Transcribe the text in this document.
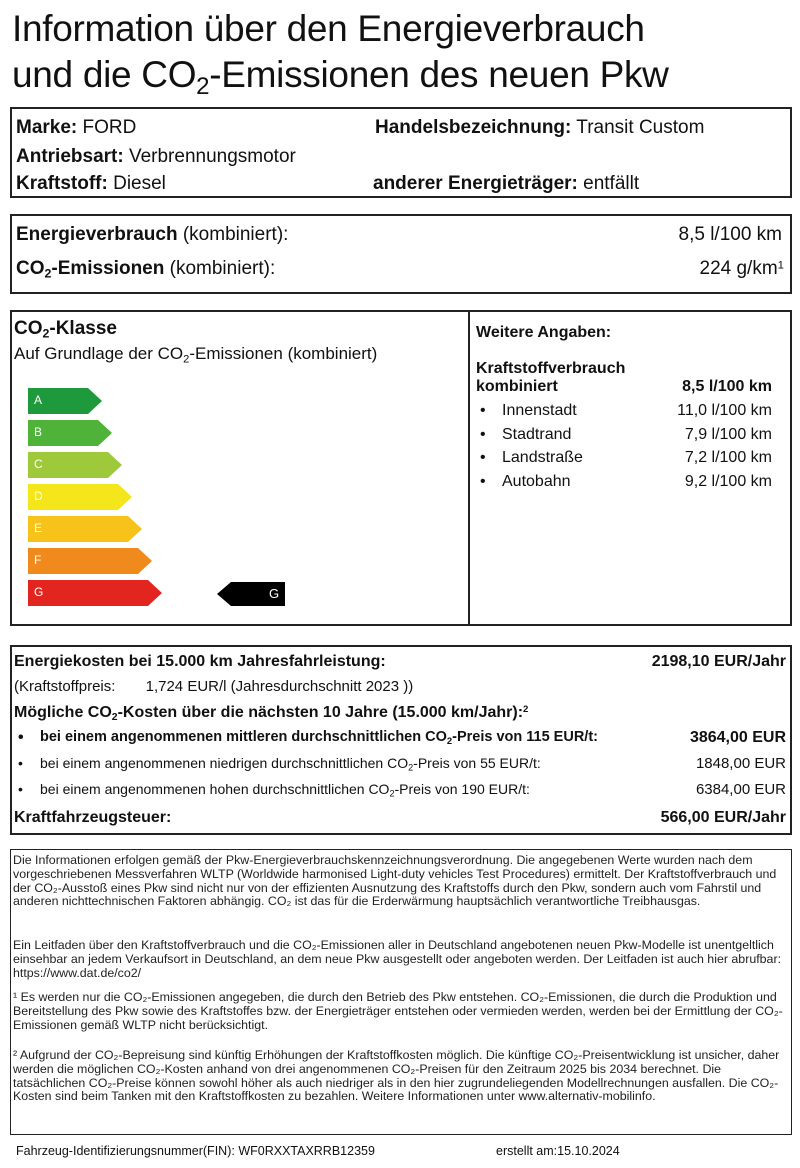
Information über den Energieverbrauch
und die $CO_2$-Emissionen des neuen Pkw
Marke: FORD	Handelsbezeichnung: Transit Custom
Antriebsart: Verbrennungsmotor
Kraftstoff: Diesel	anderer Energieträger: entfällt
Energieverbrauch (kombiniert):	8,5 l/100 km
$CO_2$-Emissionen (kombiniert):	224 $g/km^1$
$CO_2$-Klasse
Auf Grundlage der $CO_2$-Emissionen (kombiniert)
A
B
C
D
E
F
G	G
Weitere Angaben:
Kraftstoffverbrauch
kombiniert	8,5 l/100 km
• Innenstadt	11,0 l/100 km
• Stadtrand	7,9 l/100 km
• Landstraße	7,2 l/100 km
• Autobahn	9,2 l/100 km
Energiekosten bei 15.000 km Jahresfahrleistung:	2198,10 EUR/Jahr
(Kraftstoffpreis: 1,724 EUR/l (Jahresdurchschnitt 2023 ))
Mögliche $CO_2$-Kosten über die nächsten 10 Jahre (15.000 km/Jahr):$^2$
• bei einem angenommenen mittleren durchschnittlichen $CO_2$-Preis von 115 EUR/t:	3864,00 EUR
• bei einem angenommenen niedrigen durchschnittlichen $CO_2$-Preis von 55 EUR/t:	1848,00 EUR
• bei einem angenommenen hohen durchschnittlichen $CO_2$-Preis von 190 EUR/t:	6384,00 EUR
Kraftfahrzeugsteuer:	566,00 EUR/Jahr
Die Informationen erfolgen gemäß der Pkw-Energieverbrauchskennzeichnungsverordnung. Die angegebenen Werte wurden nach dem vorgeschriebenen Messverfahren WLTP (Worldwide harmonised Light-duty vehicles Test Procedures) ermittelt. Der Kraftstoffverbrauch und der CO₂-Ausstoß eines Pkw sind nicht nur von der effizienten Ausnutzung des Kraftstoffs durch den Pkw, sondern auch vom Fahrstil und anderen nichttechnischen Faktoren abhängig. CO₂ ist das für die Erderwärmung hauptsächlich verantwortliche Treibhausgas.
Ein Leitfaden über den Kraftstoffverbrauch und die CO₂-Emissionen aller in Deutschland angebotenen neuen Pkw-Modelle ist unentgeltlich einsehbar an jedem Verkaufsort in Deutschland, an dem neue Pkw ausgestellt oder angeboten werden. Der Leitfaden ist auch hier abrufbar: https://www.dat.de/co2/
¹ Es werden nur die CO₂-Emissionen angegeben, die durch den Betrieb des Pkw entstehen. CO₂-Emissionen, die durch die Produktion und Bereitstellung des Pkw sowie des Kraftstoffes bzw. der Energieträger entstehen oder vermieden werden, werden bei der Ermittlung der CO₂-Emissionen gemäß WLTP nicht berücksichtigt.
² Aufgrund der CO₂-Bepreisung sind künftig Erhöhungen der Kraftstoffkosten möglich. Die künftige CO₂-Preisentwicklung ist unsicher, daher werden die möglichen CO₂-Kosten anhand von drei angenommenen CO₂-Preisen für den Zeitraum 2025 bis 2034 berechnet. Die tatsächlichen CO₂-Preise können sowohl höher als auch niedriger als in den hier zugrundeliegenden Modellrechnungen ausfallen. Die CO₂-Kosten sind beim Tanken mit den Kraftstoffkosten zu bezahlen. Weitere Informationen unter www.alternativ-mobilinfo.
Fahrzeug-Identifizierungsnummer(FIN): WF0RXXTAXRRB12359	erstellt am:15.10.2024
